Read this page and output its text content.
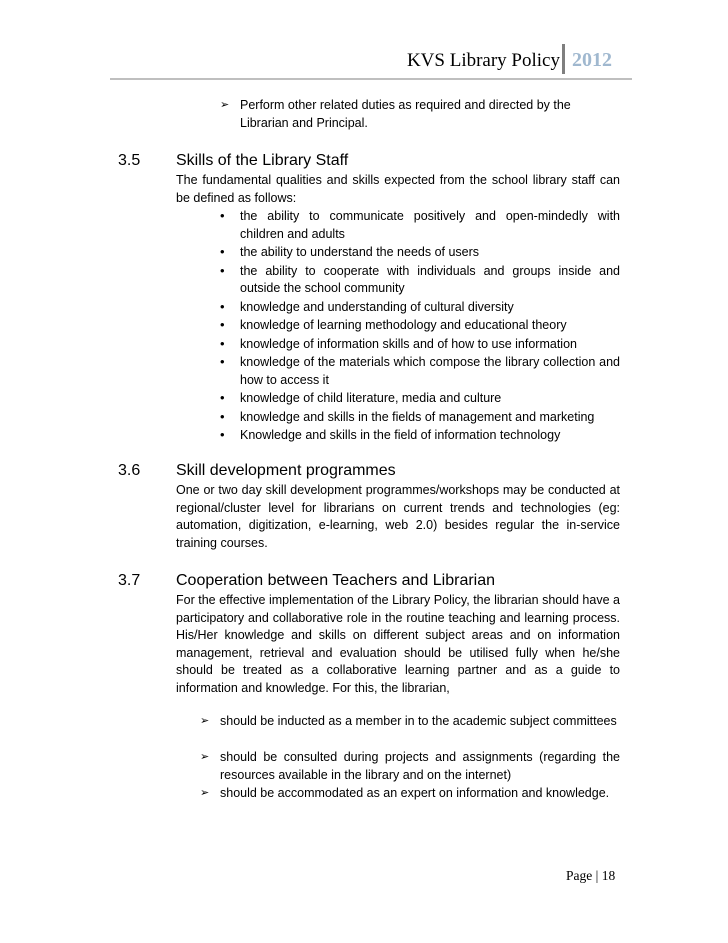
KVS Library Policy 2012
➢ Perform other related duties as required and directed by the Librarian and Principal.
3.5 Skills of the Library Staff
The fundamental qualities and skills expected from the school library staff can be defined as follows:
• the ability to communicate positively and open-mindedly with children and adults
• the ability to understand the needs of users
• the ability to cooperate with individuals and groups inside and outside the school community
• knowledge and understanding of cultural diversity
• knowledge of learning methodology and educational theory
• knowledge of information skills and of how to use information
• knowledge of the materials which compose the library collection and how to access it
• knowledge of child literature, media and culture
• knowledge and skills in the fields of management and marketing
• Knowledge and skills in the field of information technology
3.6 Skill development programmes
One or two day skill development programmes/workshops may be conducted at regional/cluster level for librarians on current trends and technologies (eg: automation, digitization, e-learning, web 2.0) besides regular the in-service training courses.
3.7 Cooperation between Teachers and Librarian
For the effective implementation of the Library Policy, the librarian should have a participatory and collaborative role in the routine teaching and learning process. His/Her knowledge and skills on different subject areas and on information management, retrieval and evaluation should be utilised fully when he/she should be treated as a collaborative learning partner and as a guide to information and knowledge. For this, the librarian,
➢ should be inducted as a member in to the academic subject committees
➢ should be consulted during projects and assignments (regarding the resources available in the library and on the internet)
➢ should be accommodated as an expert on information and knowledge.
Page | 18
